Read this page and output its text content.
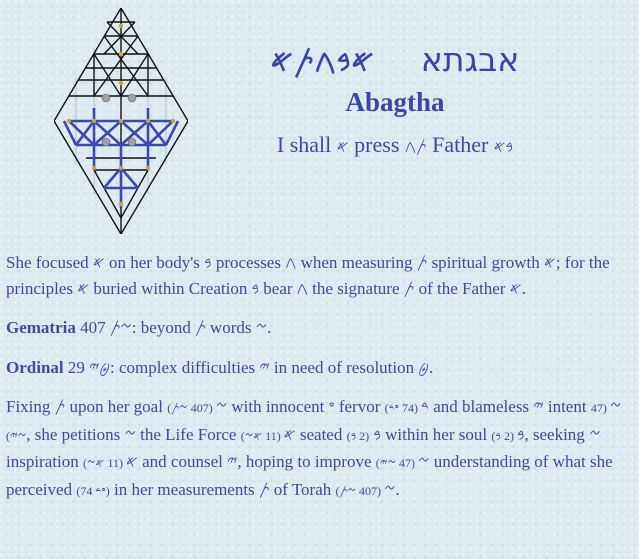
𐤀𐤁𐤂𐤕𐤀 אבגתא
Abagtha
I shall 𐤀 press 𐤕𐤂 Father 𐤁𐤀

She focused 𐤀 on her body's 𐤁 processes 𐤂 when measuring 𐤕 spiritual growth 𐤀; for the principles 𐤀 buried within Creation 𐤁 bear 𐤂 the signature 𐤕 of the Father 𐤀.

Gematria 407 𐤆𐤕: beyond 𐤕 words 𐤆.

Ordinal 29 𐤈𐤉: complex difficulties 𐤉 in need of resolution 𐤈.

Fixing 𐤕 upon her goal	𐤆 (407 𐤆𐤕) with innocent 𐤏 fervor 𐤃 (74 𐤏𐤃) and blameless 𐤉 intent 𐤆 (47 𐤆𐤉), she petitions 𐤆 the Life Force	𐤀 (11 𐤀𐤆) seated 𐤁 (2 𐤁) within her soul 𐤁 (2 𐤁) , seeking 𐤆 inspiration	𐤀 (11 𐤀𐤆) and counsel 𐤉, hoping to improve	𐤆 (47 𐤆𐤉) understanding of what she perceived (74 𐤏𐤃) in her measurements 𐤕 of Torah	𐤆 (407 𐤆𐤕) .
